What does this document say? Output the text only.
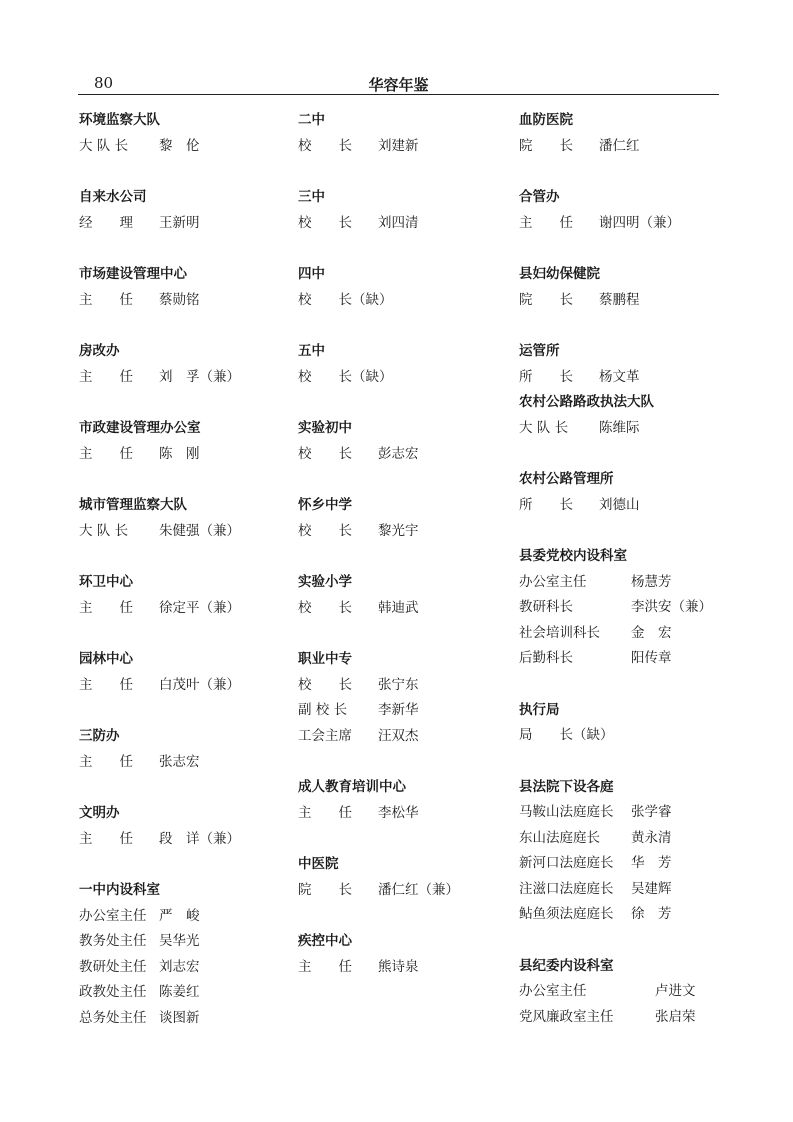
80	华容年鉴
环境监察大队
大 队 长 黎　伦
自来水公司
经　　理 王新明
市场建设管理中心
主　　任 蔡勋铭
房改办
主　　任 刘　孚（兼）
市政建设管理办公室
主　　任 陈　刚
城市管理监察大队
大 队 长 朱健强（兼）
环卫中心
主　　任 徐定平（兼）
园林中心
主　　任 白茂叶（兼）
三防办
主　　任 张志宏
文明办
主　　任 段　详（兼）
一中内设科室
办公室主任 严　峻
教务处主任 吴华光
教研处主任 刘志宏
政教处主任 陈姜红
总务处主任 谈图新
二中
校　　长 刘建新
三中
校　　长 刘四清
四中
校　　长（缺）
五中
校　　长（缺）
实验初中
校　　长 彭志宏
怀乡中学
校　　长 黎光宇
实验小学
校　　长 韩迪武
职业中专
校　　长 张宁东
副 校 长 李新华
工会主席 汪双杰
成人教育培训中心
主　　任 李松华
中医院
院　　长 潘仁红（兼）
疾控中心
主　　任 熊诗泉
血防医院
院　　长 潘仁红
合管办
主　　任 谢四明（兼）
县妇幼保健院
院　　长 蔡鹏程
运管所
所　　长 杨文革
农村公路路政执法大队
大 队 长 陈维际
农村公路管理所
所　　长 刘德山
县委党校内设科室
办公室主任	杨慧芳
教研科长	李洪安（兼）
社会培训科长 金　宏
后勤科长	阳传章
执行局
局　　长（缺）
县法院下设各庭
马鞍山法庭庭长 张学睿
东山法庭庭长 黄永清
新河口法庭庭长 华　芳
注滋口法庭庭长 吴建辉
鲇鱼须法庭庭长 徐　芳
县纪委内设科室
办公室主任	卢进文
党风廉政室主任	张启荣
